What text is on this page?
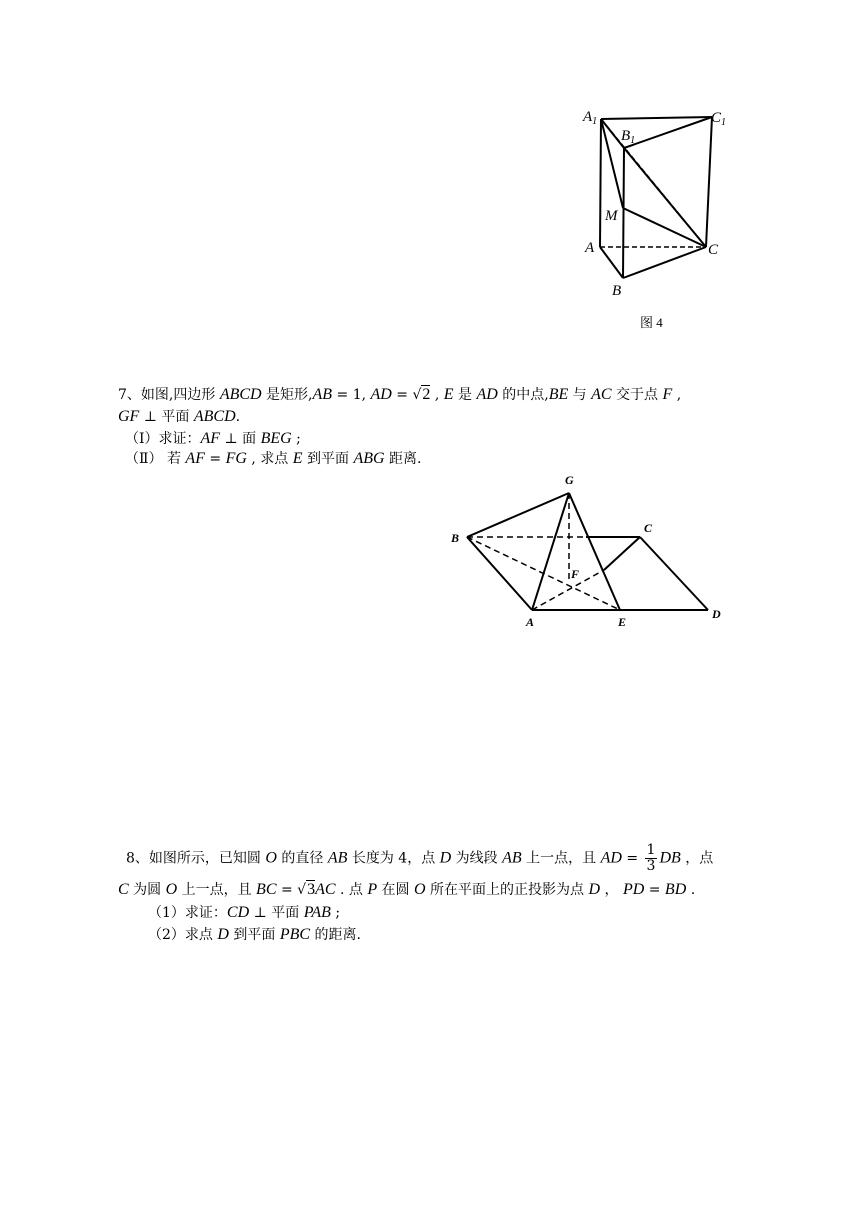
$A_1$
$B_1$
$C_1$
M
A	C
B
图 4
7、如图,四边形 ABCD 是矩形,AB = 1, AD = √2 , E 是 AD 的中点,BE 与 AC 交于点 F ,
GF ⊥ 平面 ABCD.
（Ⅰ）求证：AF ⊥ 面 BEG ;
（Ⅱ） 若 AF = FG , 求点 E 到平面 ABG 距离.
G
B
C
F
A	E
D
8、如图所示，已知圆 O 的直径 AB 长度为 4，点 D 为线段 AB 上一点，且 AD = $\frac{1}{3}$ DB ，点
C 为圆 O 上一点，且 BC = √3AC . 点 P 在圆 O 所在平面上的正投影为点 D ， PD = BD .
（1）求证：CD ⊥ 平面 PAB ;
（2）求点 D 到平面 PBC 的距离.
